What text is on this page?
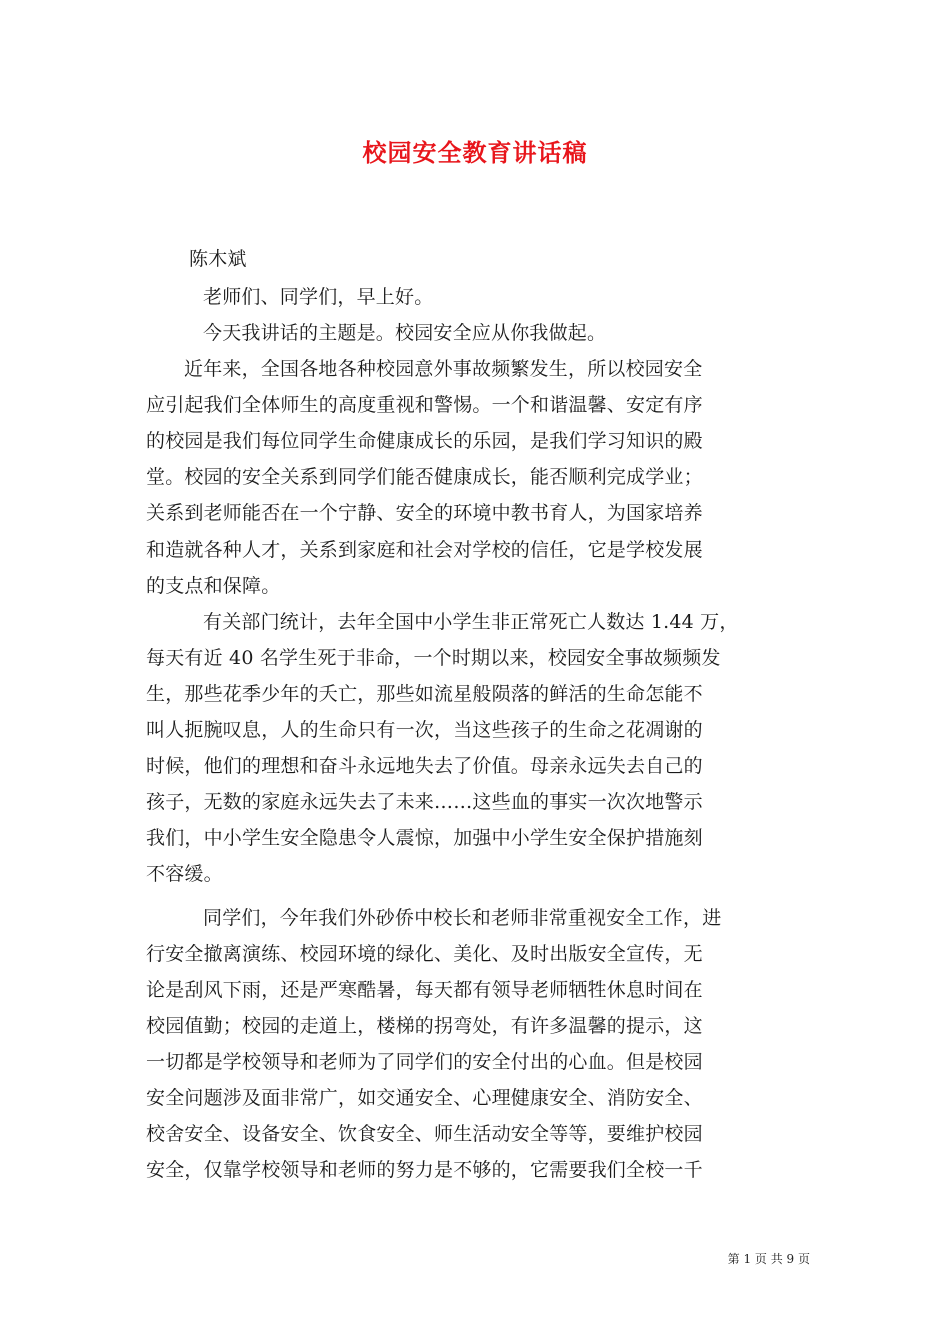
校园安全教育讲话稿
陈木斌
老师们、同学们，早上好。
今天我讲话的主题是。校园安全应从你我做起。
近年来，全国各地各种校园意外事故频繁发生，所以校园安全
应引起我们全体师生的高度重视和警惕。一个和谐温馨、安定有序
的校园是我们每位同学生命健康成长的乐园，是我们学习知识的殿
堂。校园的安全关系到同学们能否健康成长，能否顺利完成学业；
关系到老师能否在一个宁静、安全的环境中教书育人，为国家培养
和造就各种人才，关系到家庭和社会对学校的信任，它是学校发展
的支点和保障。
有关部门统计，去年全国中小学生非正常死亡人数达 1.44 万，
每天有近 40 名学生死于非命，一个时期以来，校园安全事故频频发
生，那些花季少年的夭亡，那些如流星般陨落的鲜活的生命怎能不
叫人扼腕叹息，人的生命只有一次，当这些孩子的生命之花凋谢的
时候，他们的理想和奋斗永远地失去了价值。母亲永远失去自己的
孩子，无数的家庭永远失去了未来……这些血的事实一次次地警示
我们，中小学生安全隐患令人震惊，加强中小学生安全保护措施刻
不容缓。
同学们，今年我们外砂侨中校长和老师非常重视安全工作，进
行安全撤离演练、校园环境的绿化、美化、及时出版安全宣传，无
论是刮风下雨，还是严寒酷暑，每天都有领导老师牺牲休息时间在
校园值勤；校园的走道上，楼梯的拐弯处，有许多温馨的提示，这
一切都是学校领导和老师为了同学们的安全付出的心血。但是校园
安全问题涉及面非常广，如交通安全、心理健康安全、消防安全、
校舍安全、设备安全、饮食安全、师生活动安全等等，要维护校园
安全，仅靠学校领导和老师的努力是不够的，它需要我们全校一千
第 1 页 共 9 页
